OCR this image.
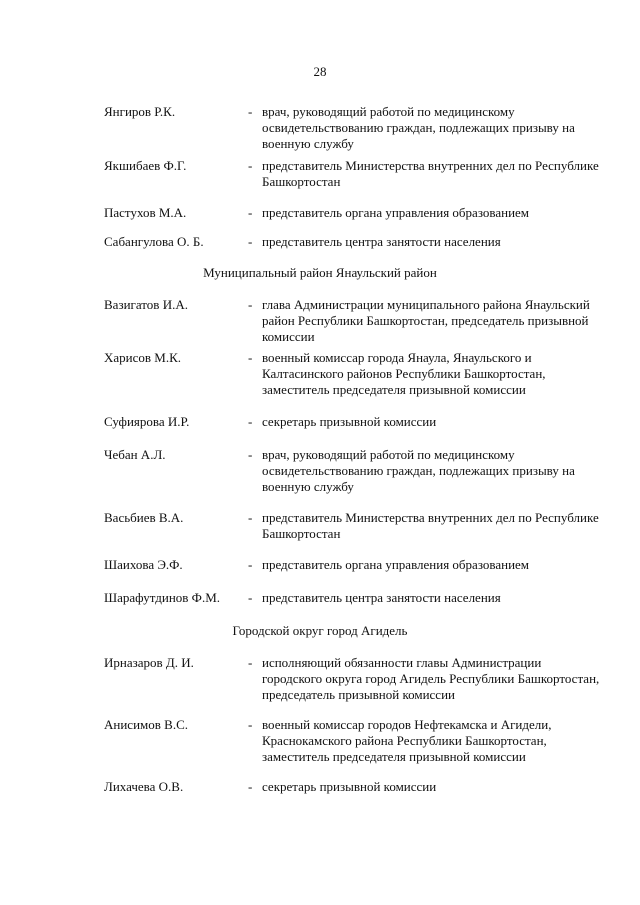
28
Янгиров Р.К.	- врач, руководящий работой по медицинскому освидетельствованию граждан, подлежащих призыву на военную службу
Якшибаев Ф.Г.	- представитель Министерства внутренних дел по Республике Башкортостан
Пастухов М.А.	- представитель органа управления образованием
Сабангулова О. Б.	- представитель центра занятости населения
Муниципальный район Янаульский район
Вазигатов И.А.	- глава Администрации муниципального района Янаульский район Республики Башкортостан, председатель призывной комиссии
Харисов М.К.	- военный комиссар города Янаула, Янаульского и Калтасинского районов Республики Башкортостан, заместитель председателя призывной комиссии
Суфиярова И.Р.	- секретарь призывной комиссии
Чебан А.Л.	- врач, руководящий работой по медицинскому освидетельствованию граждан, подлежащих призыву на военную службу
Васьбиев В.А.	- представитель Министерства внутренних дел по Республике Башкортостан
Шаихова Э.Ф.	- представитель органа управления образованием
Шарафутдинов Ф.М.	- представитель центра занятости населения
Городской округ город Агидель
Ирназаров Д. И.	- исполняющий обязанности главы Администрации городского округа город Агидель Республики Башкортостан, председатель призывной комиссии
Анисимов В.С.	- военный комиссар городов Нефтекамска и Агидели, Краснокамского района Республики Башкортостан, заместитель председателя призывной комиссии
Лихачева О.В.	- секретарь призывной комиссии
